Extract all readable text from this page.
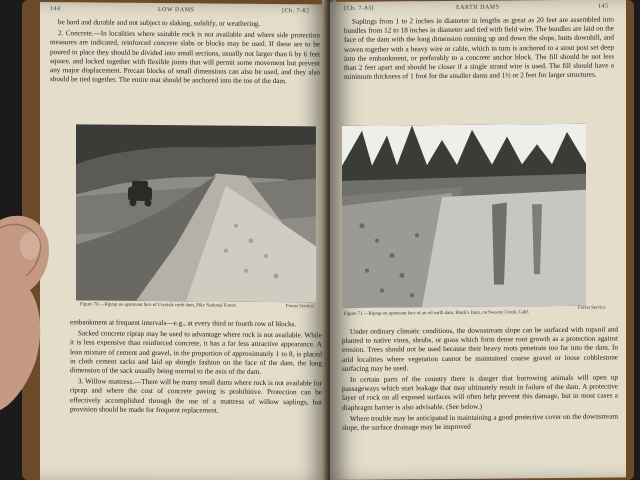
144	LOW DAMS	[Ch. 7-82

be hard and durable and not subject to slaking, solidify, or weathering.

2. Concrete.—In localities where suitable rock is not available and where side protection measures are indicated, reinforced concrete slabs or blocks may be used. If these are to be poured in place they should be divided into small sections, usually not larger than 6 by 6 feet square, and locked together with flexible joints that will permit some movement but prevent any major displacement. Precast blocks of small dimensions can also be used, and they also should be tied together. The entire mat should be anchored into the toe of the dam.

Figure 70.—Riprap on upstream face of Crystals earth dam, Pike National Forest.	Forest Service

embankment at frequent intervals—e.g., at every third or fourth row of blocks.

Sacked concrete riprap may be used to advantage where rock is not available. While it is less expensive than reinforced concrete, it has a far less attractive appearance. A lean mixture of cement and gravel, in the proportion of approximately 1 to 8, is placed in cloth cement sacks and laid up shingle fashion on the face of the dam, the long dimension of the sack usually being normal to the axis of the dam.

3. Willow mattress.—There will be many small dams where rock is not available for riprap and where the cost of concrete paving is prohibitive. Protection can be effectively accomplished through the use of a mattress of willow saplings, but provision should be made for frequent replacement.

[Ch. 7-83]	EARTH DAMS	145

Saplings from 1 to 2 inches in diameter in lengths as great as 20 feet are assembled into bundles from 12 to 18 inches in diameter and tied with field wire. The bundles are laid on the face of the dam with the long dimension running up and down the slope, butts downhill, and woven together with a heavy wire or cable, which in turn is anchored to a stout post set deep into the embankment, or preferably to a concrete anchor block. The fill should be not less than 2 feet apart and should be closer if a single strand wire is used. The fill should have a minimum thickness of 1 foot for the smaller dams and 1½ or 2 feet for larger structures.

Figure 71.—Riprap on upstream face of an oil earth dam. Black's Dam, on Sweeny Creek, Calif.
Forest Service

Under ordinary climatic conditions, the downstream slope can be surfaced with topsoil and planted to native vines, shrubs, or grass which form dense root growth as a protection against erosion. Trees should not be used because their heavy roots penetrate too far into the dam. In arid localities where vegetation cannot be maintained coarse gravel or loose cobblestone surfacing may be used.

In certain parts of the country there is danger that burrowing animals will open up passageways which start leakage that may ultimately result in failure of the dam. A protective layer of rock on all exposed surfaces will often help prevent this damage, but in most cases a diaphragm barrier is also advisable. (See below.)

Where trouble may be anticipated in maintaining a good protective cover on the downstream slope, the surface drainage may be improved
